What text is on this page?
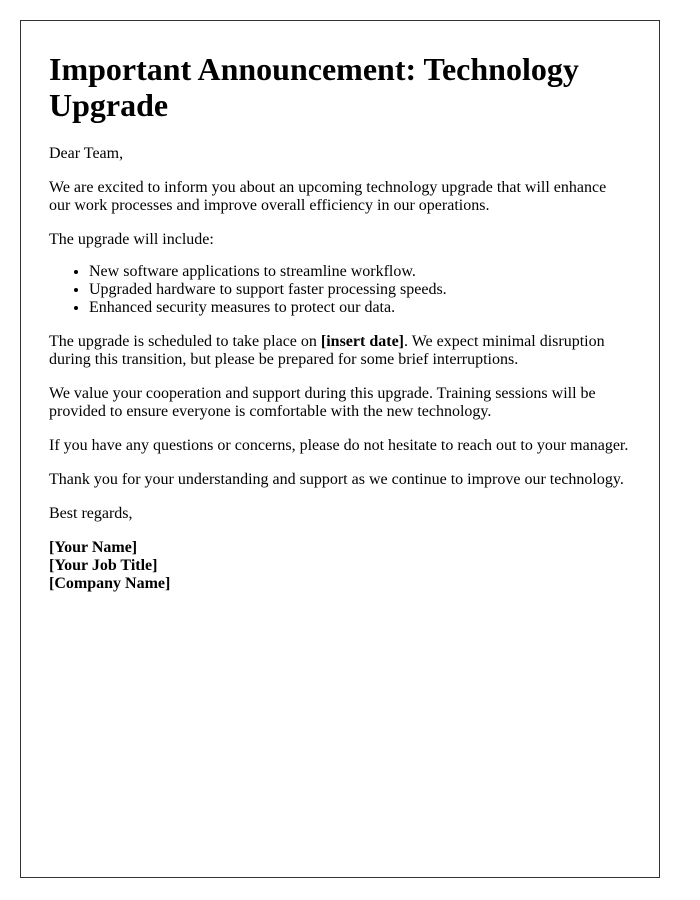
Important Announcement: Technology Upgrade

Dear Team,

We are excited to inform you about an upcoming technology upgrade that will enhance our work processes and improve overall efficiency in our operations.

The upgrade will include:

• New software applications to streamline workflow.
• Upgraded hardware to support faster processing speeds.
• Enhanced security measures to protect our data.

The upgrade is scheduled to take place on [insert date]. We expect minimal disruption during this transition, but please be prepared for some brief interruptions.

We value your cooperation and support during this upgrade. Training sessions will be provided to ensure everyone is comfortable with the new technology.

If you have any questions or concerns, please do not hesitate to reach out to your manager.

Thank you for your understanding and support as we continue to improve our technology.

Best regards,

[Your Name]
[Your Job Title]
[Company Name]
